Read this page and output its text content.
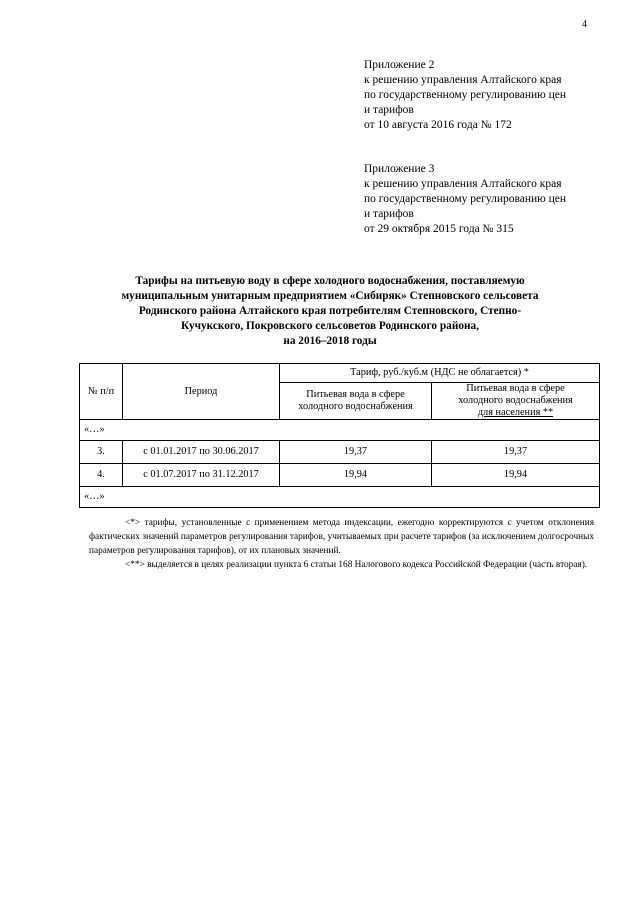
4
Приложение 2
к решению управления Алтайского края
по государственному регулированию цен
и тарифов
от 10 августа 2016 года № 172
Приложение 3
к решению управления Алтайского края
по государственному регулированию цен
и тарифов
от 29 октября 2015 года № 315
Тарифы на питьевую воду в сфере холодного водоснабжения, поставляемую
муниципальным унитарным предприятием «Сибиряк» Степновского сельсовета
Родинского района Алтайского края потребителям Степновского, Степно-
Кучукского, Покровского сельсоветов Родинского района,
на 2016–2018 годы
№ п/п	Период	Тариф, руб./куб.м (НДС не облагается) *	
		Питьевая вода в сфере холодного водоснабжения	Питьевая вода в сфере
холодного водоснабжения
для населения **

«…»			
3.	с 01.01.2017 по 30.06.2017	19,37	19,37
4.	с 01.07.2017 по 31.12.2017	19,94	19,94
«…»			

<*> тарифы, установленные с применением метода индексации, ежегодно корректируются с учетом отклонения фактических значений параметров регулирования тарифов, учитываемых при расчете тарифов (за исключением долгосрочных параметров регулирования тарифов), от их плановых значений.

<**> выделяется в целях реализации пункта 6 статьи 168 Налогового кодекса Российской Федерации (часть вторая).
